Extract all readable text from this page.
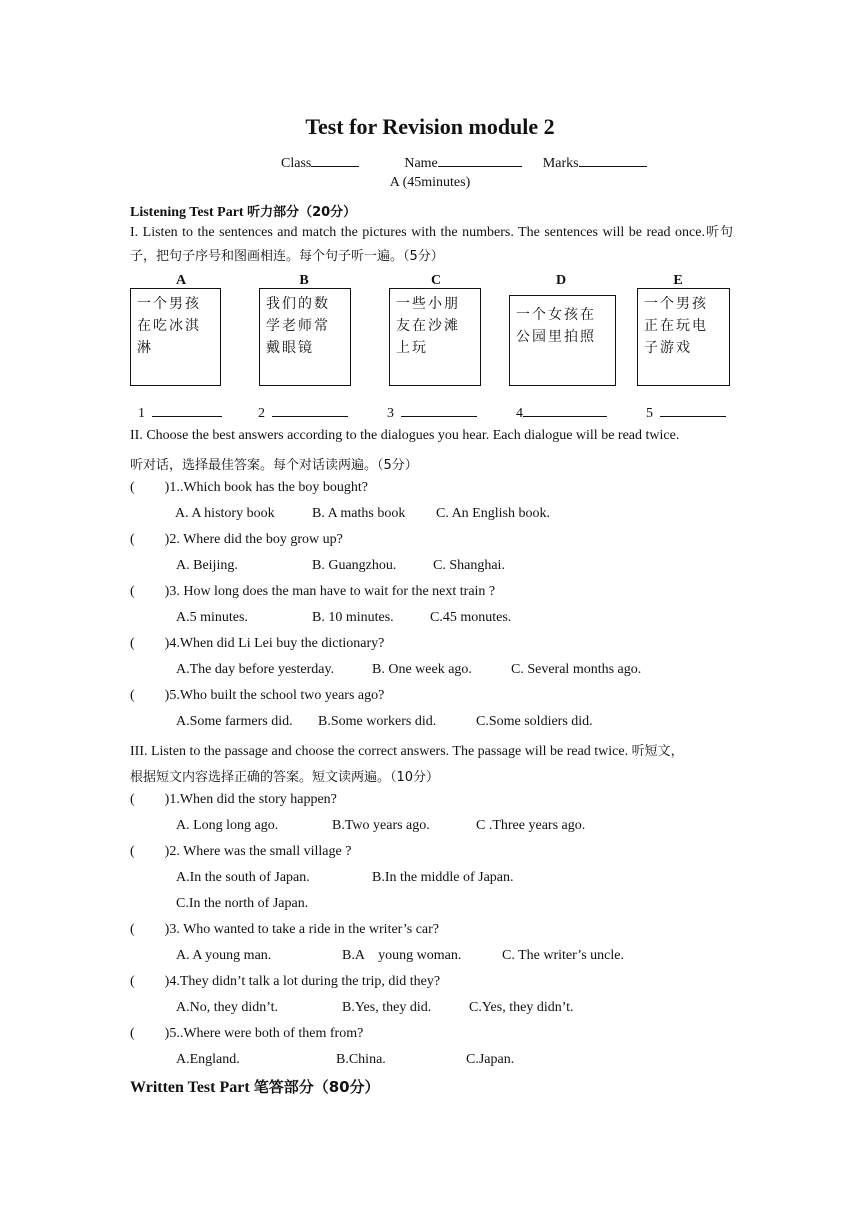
Test for Revision module 2
Class	Name	Marks
A (45minutes)
Listening Test Part 听力部分（20分）
I. Listen to the sentences and match the pictures with the numbers. The sentences will be read once.听句子，把句子序号和图画相连。每个句子听一遍。（5分）
A	B	C	D	E
一个男孩在吃冰淇淋
我们的数学老师常戴眼镜
一些小朋友在沙滩上玩
一个女孩在公园里拍照
一个男孩正在玩电子游戏
1	2	3	4	5
II. Choose the best answers according to the dialogues you hear. Each dialogue will be read twice.
听对话，选择最佳答案。每个对话读两遍。（5分）
( )1..Which book has the boy bought?
A. A history book	B. A maths book C. An English book.
( )2. Where did the boy grow up?
A. Beijing.	B. Guangzhou.	C. Shanghai.
( )3. How long does the man have to wait for the next train ?
A.5 minutes.	B. 10 minutes.	C.45 monutes.
( )4.When did Li Lei buy the dictionary?
A.The day before yesterday.	B. One week ago.	C. Several months ago.
( )5.Who built the school two years ago?
A.Some farmers did. B.Some workers did.	C.Some soldiers did.
III. Listen to the passage and choose the correct answers. The passage will be read twice. 听短文，
根据短文内容选择正确的答案。短文读两遍。（10分）
( )1.When did the story happen?
A. Long long ago.	B.Two years ago.	C .Three years ago.
( )2. Where was the small village ?
A.In the south of Japan.	B.In the middle of Japan.
C.In the north of Japan.
( )3. Who wanted to take a ride in the writer’s car?
A. A young man.	B.A    young woman.	C. The writer’s uncle.
( )4.They didn’t talk a lot during the trip, did they?
A.No, they didn’t.	B.Yes, they did.	C.Yes, they didn’t.
( )5..Where were both of them from?
A.England.	B.China.	C.Japan.
Written Test Part 笔答部分（80分）
